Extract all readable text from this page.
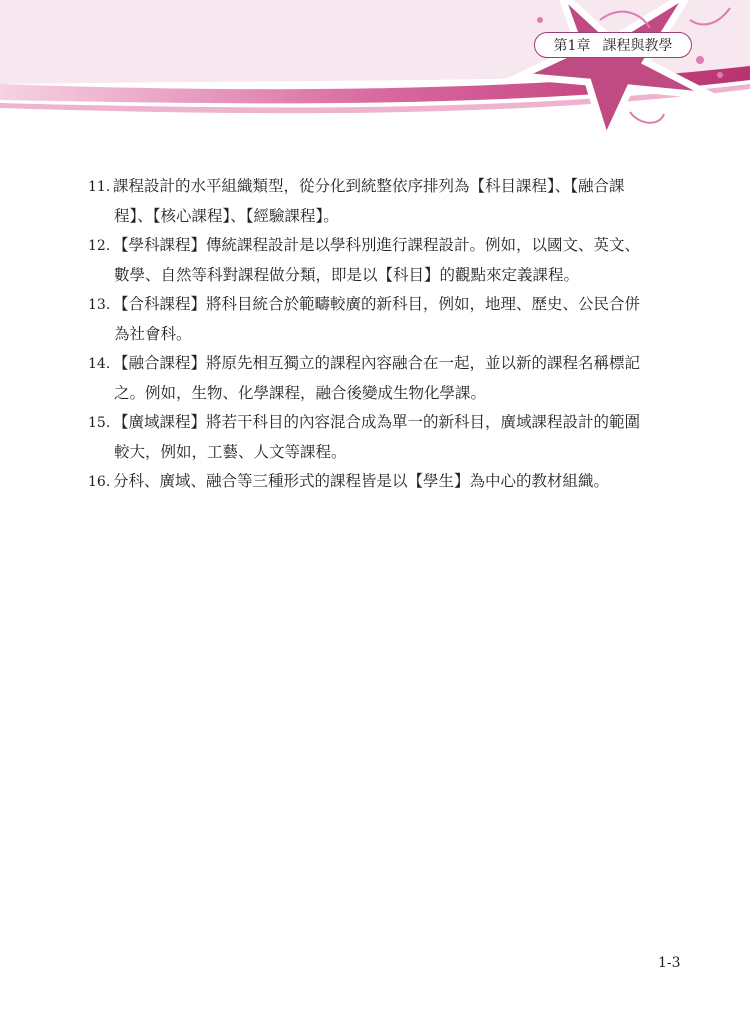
第1章 課程與教學
11. 課程設計的水平組織類型，從分化到統整依序排列為【科目課程】、【融合課
程】、【核心課程】、【經驗課程】。
12. 【學科課程】傳統課程設計是以學科別進行課程設計。例如，以國文、英文、
數學、自然等科對課程做分類，即是以【科目】的觀點來定義課程。
13. 【合科課程】將科目統合於範疇較廣的新科目，例如，地理、歷史、公民合併
為社會科。
14. 【融合課程】將原先相互獨立的課程內容融合在一起，並以新的課程名稱標記
之。例如，生物、化學課程，融合後變成生物化學課。
15. 【廣域課程】將若干科目的內容混合成為單一的新科目，廣域課程設計的範圍
較大，例如，工藝、人文等課程。
16. 分科、廣域、融合等三種形式的課程皆是以【學生】為中心的教材組織。
1-3
